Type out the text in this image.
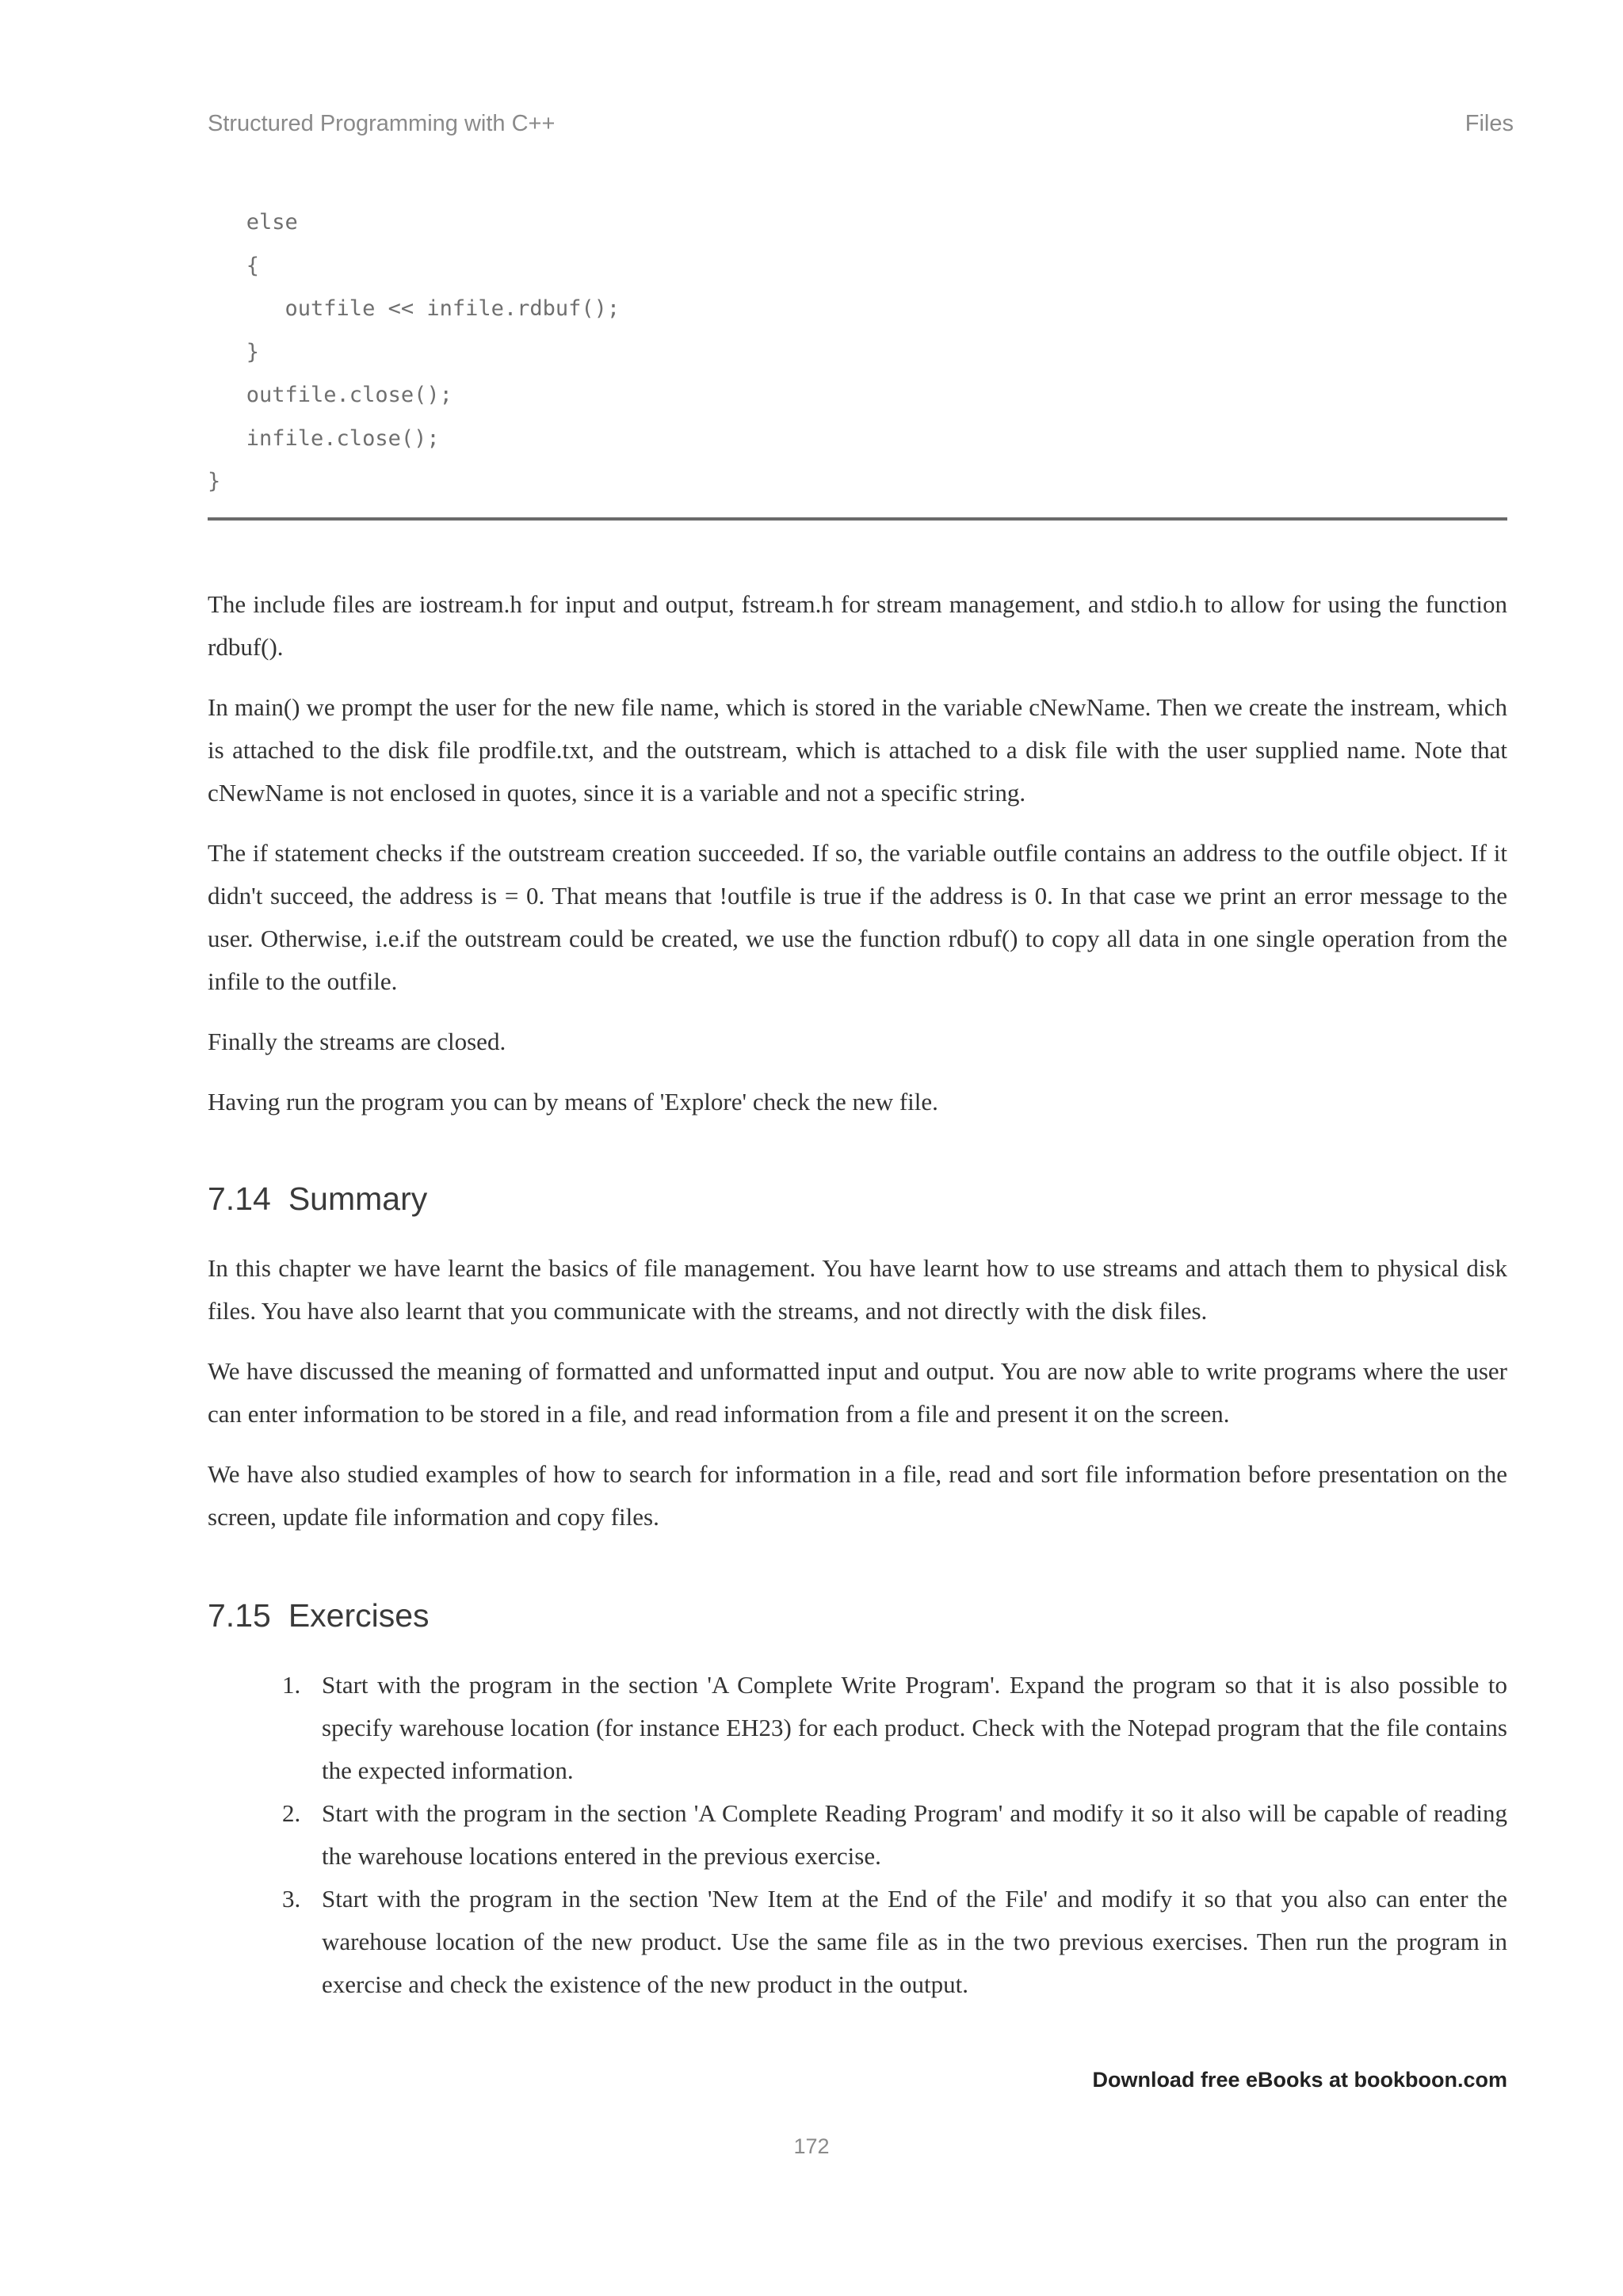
Structured Programming with C++	Files
else
{
outfile << infile.rdbuf();
}
outfile.close();
infile.close();
}

The include files are iostream.h for input and output, fstream.h for stream management, and stdio.h to allow for using the function rdbuf().

In main() we prompt the user for the new file name, which is stored in the variable cNewName. Then we create the instream, which is attached to the disk file prodfile.txt, and the outstream, which is attached to a disk file with the user supplied name. Note that cNewName is not enclosed in quotes, since it is a variable and not a specific string.

The if statement checks if the outstream creation succeeded. If so, the variable outfile contains an address to the outfile object. If it didn't succeed, the address is = 0. That means that !outfile is true if the address is 0. In that case we print an error message to the user. Otherwise, i.e.if the outstream could be created, we use the function rdbuf() to copy all data in one single operation from the infile to the outfile.

Finally the streams are closed.

Having run the program you can by means of 'Explore' check the new file.

7.14 Summary

In this chapter we have learnt the basics of file management. You have learnt how to use streams and attach them to physical disk files. You have also learnt that you communicate with the streams, and not directly with the disk files.

We have discussed the meaning of formatted and unformatted input and output. You are now able to write programs where the user can enter information to be stored in a file, and read information from a file and present it on the screen.

We have also studied examples of how to search for information in a file, read and sort file information before presentation on the screen, update file information and copy files.

7.15 Exercises
1. Start with the program in the section 'A Complete Write Program'. Expand the program so that it is also possible to specify warehouse location (for instance EH23) for each product. Check with the Notepad program that the file contains the expected information.
2. Start with the program in the section 'A Complete Reading Program' and modify it so it also will be capable of reading the warehouse locations entered in the previous exercise.
3. Start with the program in the section 'New Item at the End of the File' and modify it so that you also can enter the warehouse location of the new product. Use the same file as in the two previous exercises. Then run the program in exercise and check the existence of the new product in the output.
Download free eBooks at bookboon.com
172
